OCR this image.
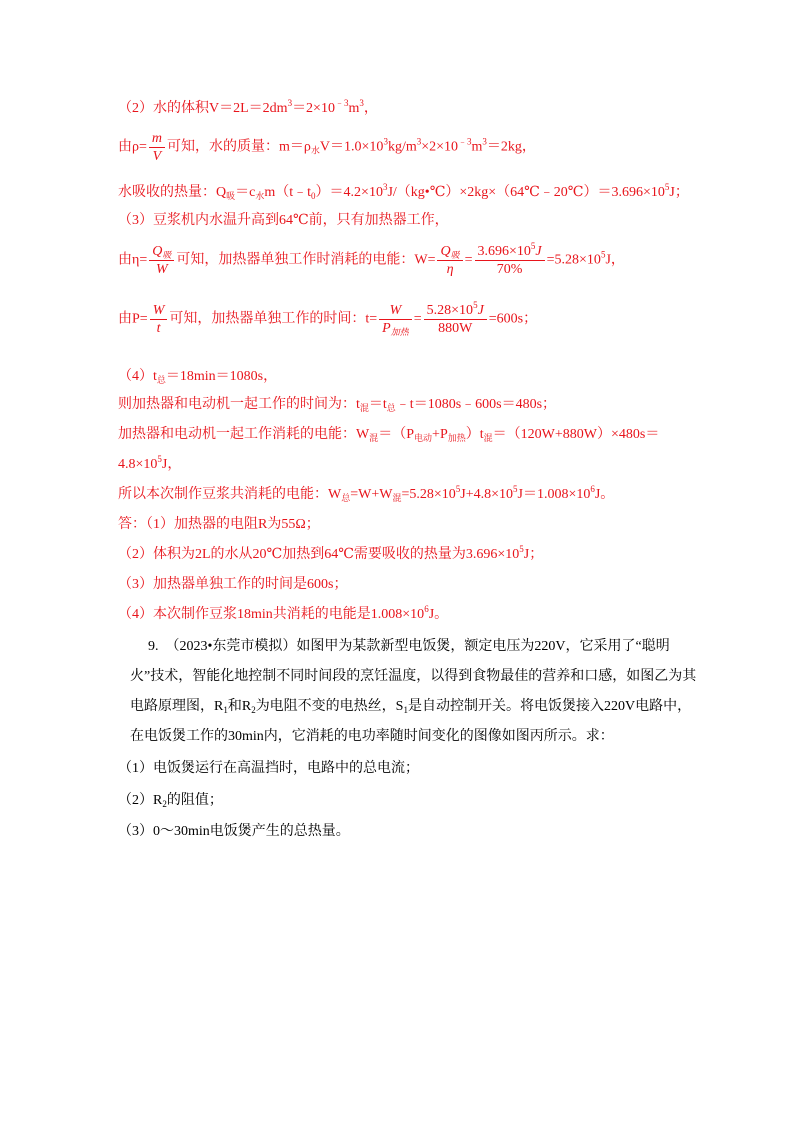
（2）水的体积$V=2L=2dm^3=2\times 10^{﹣3}m^3$，
由$\rho= \frac{m}{V}$ 可知，水的质量：$m=\rho_水V=1.0\times 10^3kg/m^3\times 2\times 10^{﹣3}m^3=2kg$，
水吸收的热量：$Q_吸=c_水m(t﹣t_0)=4.2\times 10^3J/(kg•℃)\times 2kg\times(64℃﹣20℃)=3.696\times 10^5J$；
（3）豆浆机内水温升高到64℃前，只有加热器工作，
由$\eta= \frac{Q_吸}{W}$ 可知，加热器单独工作时消耗的电能：$W= \frac{Q_吸}{\eta} = \frac{3.696\times 10^5J}{70\%} =5.28\times 10^5J$，
由$P= \frac{W}{t}$ 可知，加热器单独工作的时间：$t= \frac{W}{P_{加热}} = \frac{5.28\times 10^5J}{880W} =600s$；
$(4)t_总=18\min=1080s$，
则加热器和电动机一起工作的时间为：$t_混=t_总﹣t=1080s﹣600s=480s$；
加热器和电动机一起工作消耗的电能：$W_混=(P_{电动}+P_{加热})t_混=(120W+880W)\times 480s=$
$4.8\times 10^5J$，
所以本次制作豆浆共消耗的电能：$W_总=W+W_混=5.28\times 10^5J+4.8\times 10^5J=1.008\times 10^6J$。
答：（1）加热器的电阻R为55Ω；
（2）体积为2L的水从20℃加热到64℃需要吸收的热量为$3.696\times 10^5J$；
（3）加热器单独工作的时间是600s；
（4）本次制作豆浆18min共消耗的电能是$1.008\times 10^6J$。
9.　（2023•东莞市模拟）如图甲为某款新型电饭煲，额定电压为220V，它采用了“聪明
火”技术，智能化地控制不同时间段的烹饪温度，以得到食物最佳的营养和口感，如图乙为其
电路原理图，$R_1$和$R_2$为电阻不变的电热丝，$S_1$是自动控制开关。将电饭煲接入220V电路中，
在电饭煲工作的30min内，它消耗的电功率随时间变化的图像如图丙所示。求：
（1）电饭煲运行在高温挡时，电路中的总电流；
$(2)R_2$的阻值；
（3）0～30min电饭煲产生的总热量。
